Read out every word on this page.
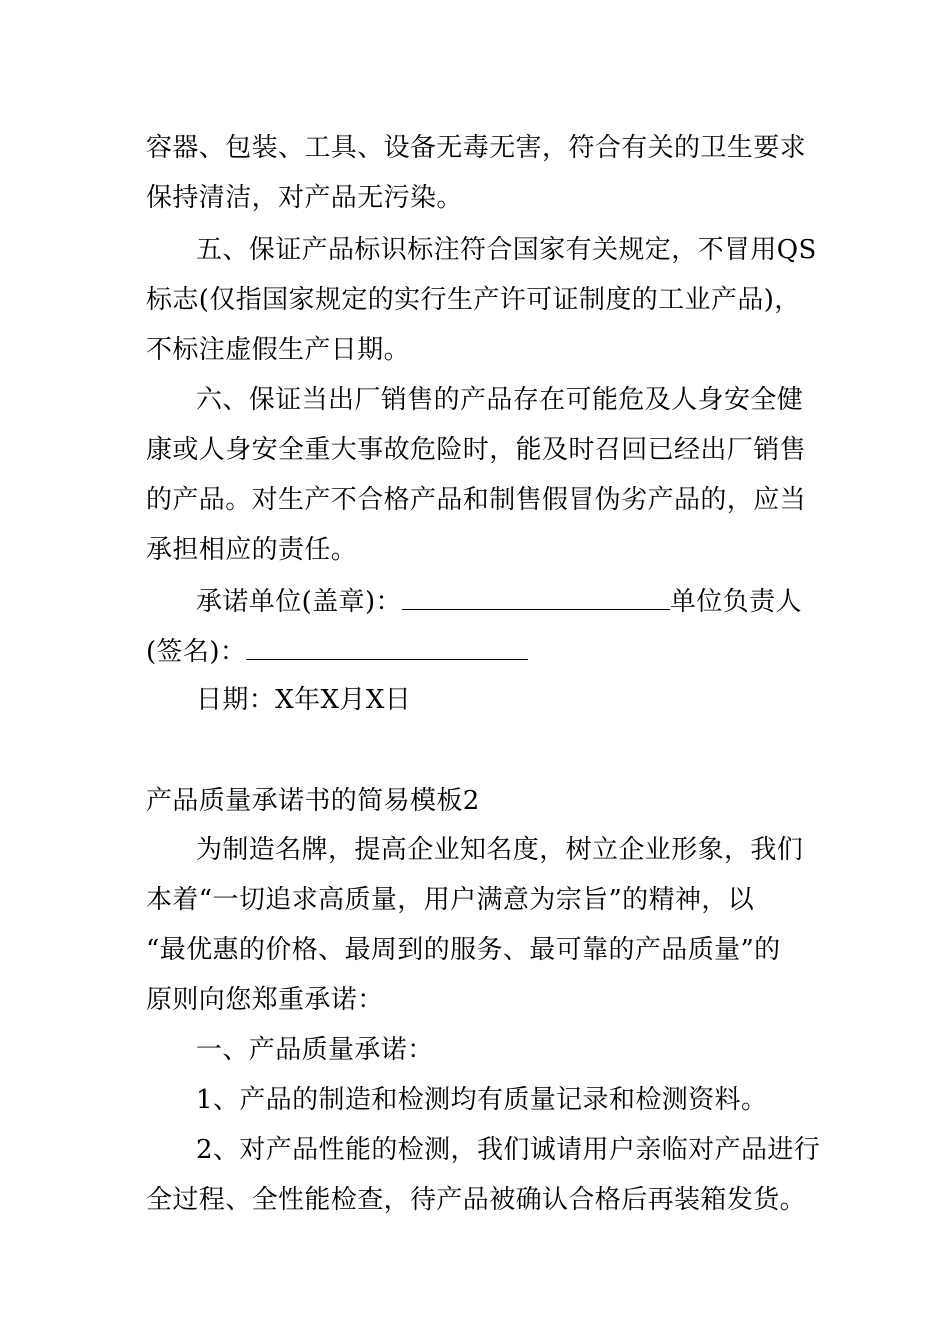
容器、包装、工具、设备无毒无害，符合有关的卫生要求
保持清洁，对产品无污染。
五、保证产品标识标注符合国家有关规定，不冒用QS
标志(仅指国家规定的实行生产许可证制度的工业产品)，
不标注虚假生产日期。
六、保证当出厂销售的产品存在可能危及人身安全健
康或人身安全重大事故危险时，能及时召回已经出厂销售
的产品。对生产不合格产品和制售假冒伪劣产品的，应当
承担相应的责任。
承诺单位(盖章)：	单位负责人
(签名)：
日期：X年X月X日
产品质量承诺书的简易模板2
为制造名牌，提高企业知名度，树立企业形象，我们
本着“一切追求高质量，用户满意为宗旨”的精神，以
“最优惠的价格、最周到的服务、最可靠的产品质量”的
原则向您郑重承诺：
一、产品质量承诺：
1、产品的制造和检测均有质量记录和检测资料。
2、对产品性能的检测，我们诚请用户亲临对产品进行
全过程、全性能检查，待产品被确认合格后再装箱发货。
